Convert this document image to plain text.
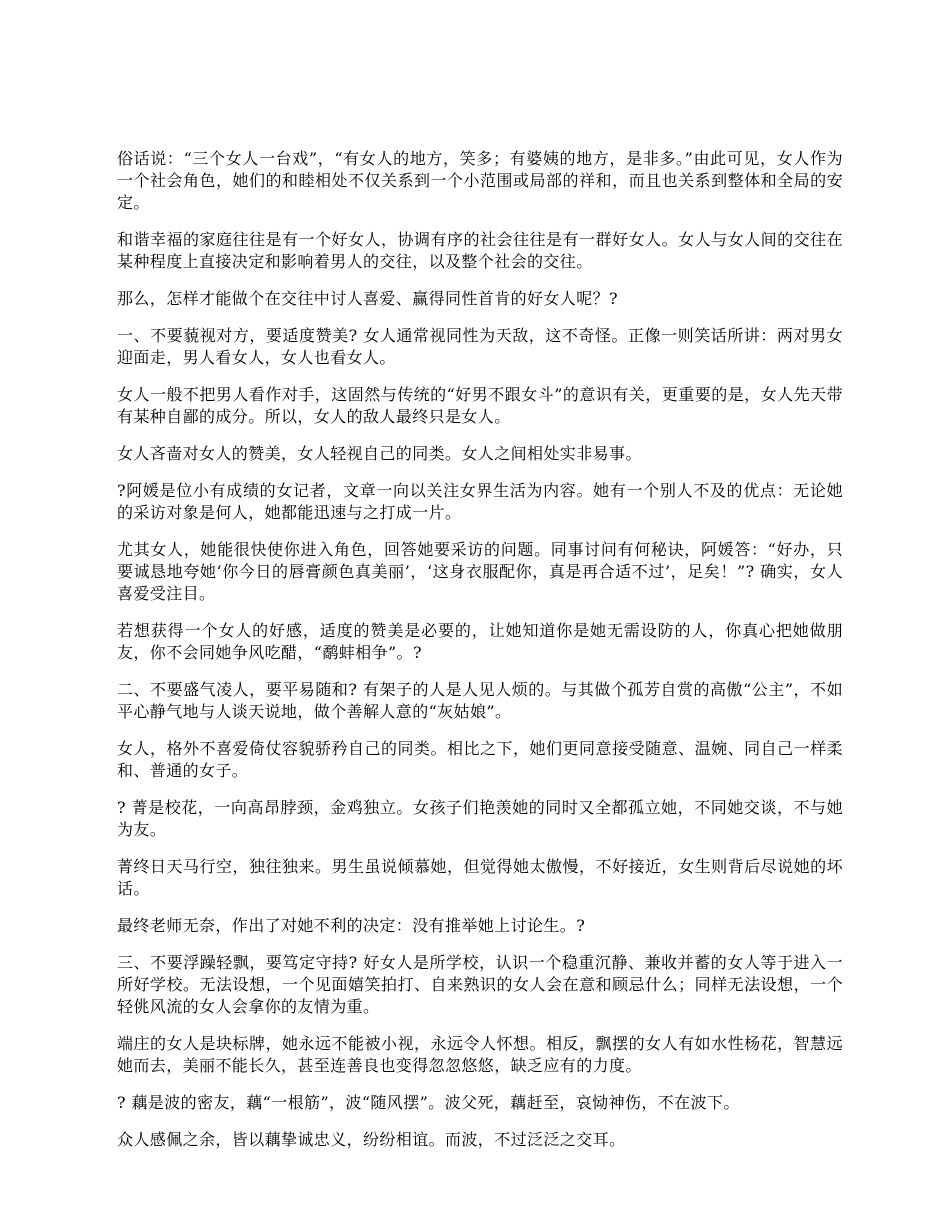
俗话说：“三个女人一台戏”，“有女人的地方，笑多；有婆姨的地方，是非多。”由此可见，女人作为一个社会角色，她们的和睦相处不仅关系到一个小范围或局部的祥和，而且也关系到整体和全局的安定。

和谐幸福的家庭往往是有一个好女人，协调有序的社会往往是有一群好女人。女人与女人间的交往在某种程度上直接决定和影响着男人的交往，以及整个社会的交往。

那么，怎样才能做个在交往中讨人喜爱、赢得同性首肯的好女人呢？?

一、不要藐视对方，要适度赞美? 女人通常视同性为天敌，这不奇怪。正像一则笑话所讲：两对男女迎面走，男人看女人，女人也看女人。

女人一般不把男人看作对手，这固然与传统的“好男不跟女斗”的意识有关，更重要的是，女人先天带有某种自鄙的成分。所以，女人的敌人最终只是女人。

女人吝啬对女人的赞美，女人轻视自己的同类。女人之间相处实非易事。

?阿媛是位小有成绩的女记者，文章一向以关注女界生活为内容。她有一个别人不及的优点：无论她的采访对象是何人，她都能迅速与之打成一片。

尤其女人，她能很快使你进入角色，回答她要采访的问题。同事讨问有何秘诀，阿媛答：“好办，只要诚恳地夸她‘你今日的唇膏颜色真美丽’，‘这身衣服配你，真是再合适不过’，足矣！”? 确实，女人喜爱受注目。

若想获得一个女人的好感，适度的赞美是必要的，让她知道你是她无需设防的人，你真心把她做朋友，你不会同她争风吃醋，“鹬蚌相争”。?

二、不要盛气凌人，要平易随和? 有架子的人是人见人烦的。与其做个孤芳自赏的高傲“公主”，不如平心静气地与人谈天说地，做个善解人意的“灰姑娘”。

女人，格外不喜爱倚仗容貌骄矜自己的同类。相比之下，她们更同意接受随意、温婉、同自己一样柔和、普通的女子。

? 菁是校花，一向高昂脖颈，金鸡独立。女孩子们艳羡她的同时又全都孤立她，不同她交谈，不与她为友。

菁终日天马行空，独往独来。男生虽说倾慕她，但觉得她太傲慢，不好接近，女生则背后尽说她的坏话。

最终老师无奈，作出了对她不利的决定：没有推举她上讨论生。?

三、不要浮躁轻飘，要笃定守持? 好女人是所学校，认识一个稳重沉静、兼收并蓄的女人等于进入一所好学校。无法设想，一个见面嬉笑拍打、自来熟识的女人会在意和顾忌什么；同样无法设想，一个轻佻风流的女人会拿你的友情为重。

端庄的女人是块标牌，她永远不能被小视，永远令人怀想。相反，飘摆的女人有如水性杨花，智慧远她而去，美丽不能长久，甚至连善良也变得忽忽悠悠，缺乏应有的力度。

? 藕是波的密友，藕“一根筋”，波“随风摆”。波父死，藕赶至，哀恸神伤，不在波下。

众人感佩之余，皆以藕挚诚忠义，纷纷相谊。而波，不过泛泛之交耳。
